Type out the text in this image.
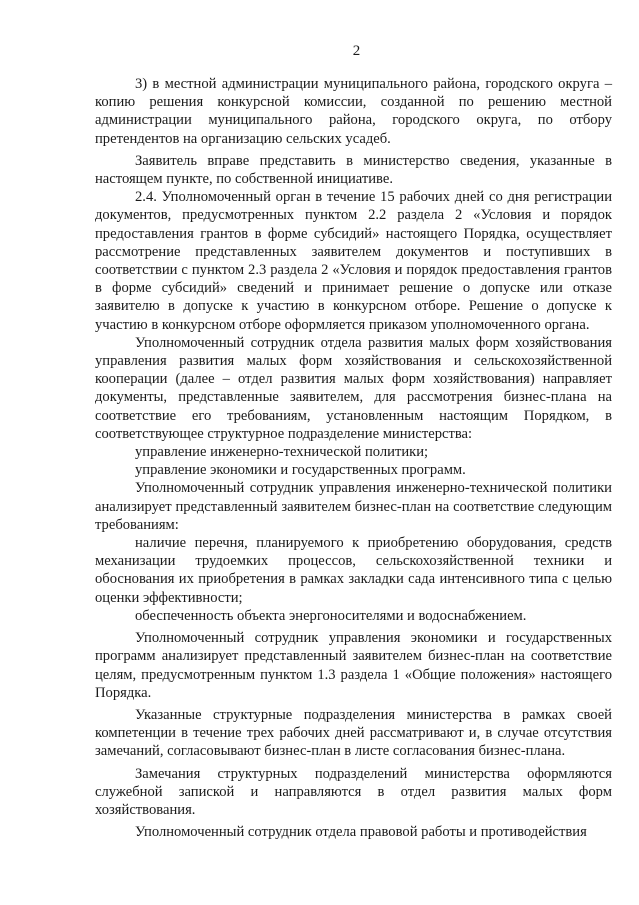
2

3) в местной администрации муниципального района, городского округа – копию решения конкурсной комиссии, созданной по решению местной администрации муниципального района, городского округа, по отбору претендентов на организацию сельских усадеб.

Заявитель вправе представить в министерство сведения, указанные в настоящем пункте, по собственной инициативе.

2.4. Уполномоченный орган в течение 15 рабочих дней со дня регистрации документов, предусмотренных пунктом 2.2 раздела 2 «Условия и порядок предоставления грантов в форме субсидий» настоящего Порядка, осуществляет рассмотрение представленных заявителем документов и поступивших в соответствии с пунктом 2.3 раздела 2 «Условия и порядок предоставления грантов в форме субсидий» сведений и принимает решение о допуске или отказе заявителю в допуске к участию в конкурсном отборе. Решение о допуске к участию в конкурсном отборе оформляется приказом уполномоченного органа.

Уполномоченный сотрудник отдела развития малых форм хозяйствования управления развития малых форм хозяйствования и сельскохозяйственной кооперации (далее – отдел развития малых форм хозяйствования) направляет документы, представленные заявителем, для рассмотрения бизнес-плана на соответствие его требованиям, установленным настоящим Порядком, в соответствующее структурное подразделение министерства:

управление инженерно-технической политики;

управление экономики и государственных программ.

Уполномоченный сотрудник управления инженерно-технической политики анализирует представленный заявителем бизнес-план на соответствие следующим требованиям:

наличие перечня, планируемого к приобретению оборудования, средств механизации трудоемких процессов, сельскохозяйственной техники и обоснования их приобретения в рамках закладки сада интенсивного типа с целью оценки эффективности;

обеспеченность объекта энергоносителями и водоснабжением.

Уполномоченный сотрудник управления экономики и государственных программ анализирует представленный заявителем бизнес-план на соответствие целям, предусмотренным пунктом 1.3 раздела 1 «Общие положения» настоящего Порядка.

Указанные структурные подразделения министерства в рамках своей компетенции в течение трех рабочих дней рассматривают и, в случае отсутствия замечаний, согласовывают бизнес-план в листе согласования бизнес-плана.

Замечания структурных подразделений министерства оформляются служебной запиской и направляются в отдел развития малых форм хозяйствования.

Уполномоченный сотрудник отдела правовой работы и противодействия
